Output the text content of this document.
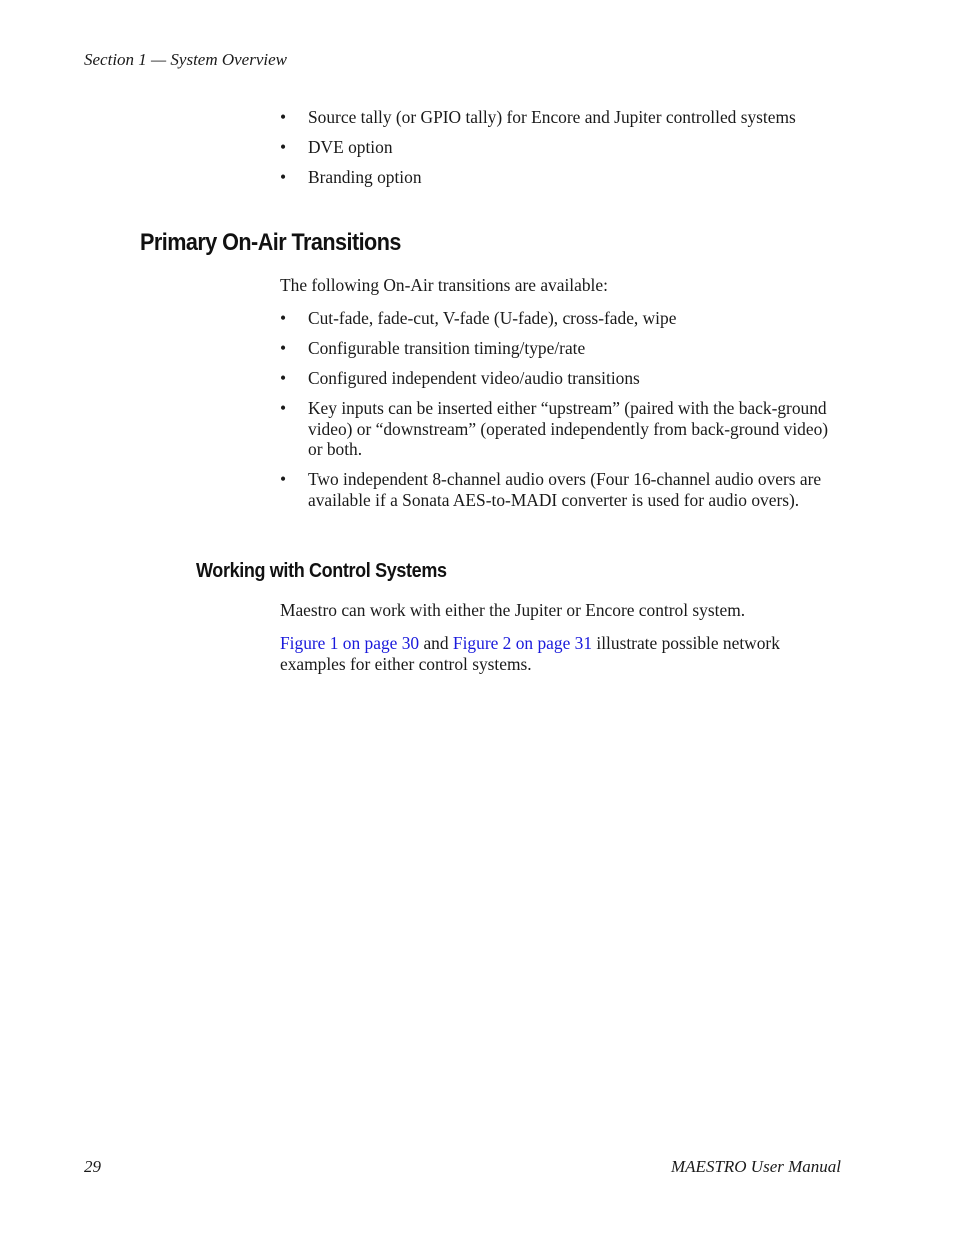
Section 1 — System Overview
• Source tally (or GPIO tally) for Encore and Jupiter controlled systems
• DVE option
• Branding option
Primary On-Air Transitions

The following On-Air transitions are available:

• Cut-fade, fade-cut, V-fade (U-fade), cross-fade, wipe
• Configurable transition timing/type/rate
• Configured independent video/audio transitions
• Key inputs can be inserted either “upstream” (paired with the back-ground video) or “downstream” (operated independently from back-ground video) or both.
• Two independent 8-channel audio overs (Four 16-channel audio overs are available if a Sonata AES-to-MADI converter is used for audio overs).
Working with Control Systems

Maestro can work with either the Jupiter or Encore control system.

Figure 1 on page 30 and Figure 2 on page 31 illustrate possible network examples for either control systems.

29	MAESTRO User Manual
